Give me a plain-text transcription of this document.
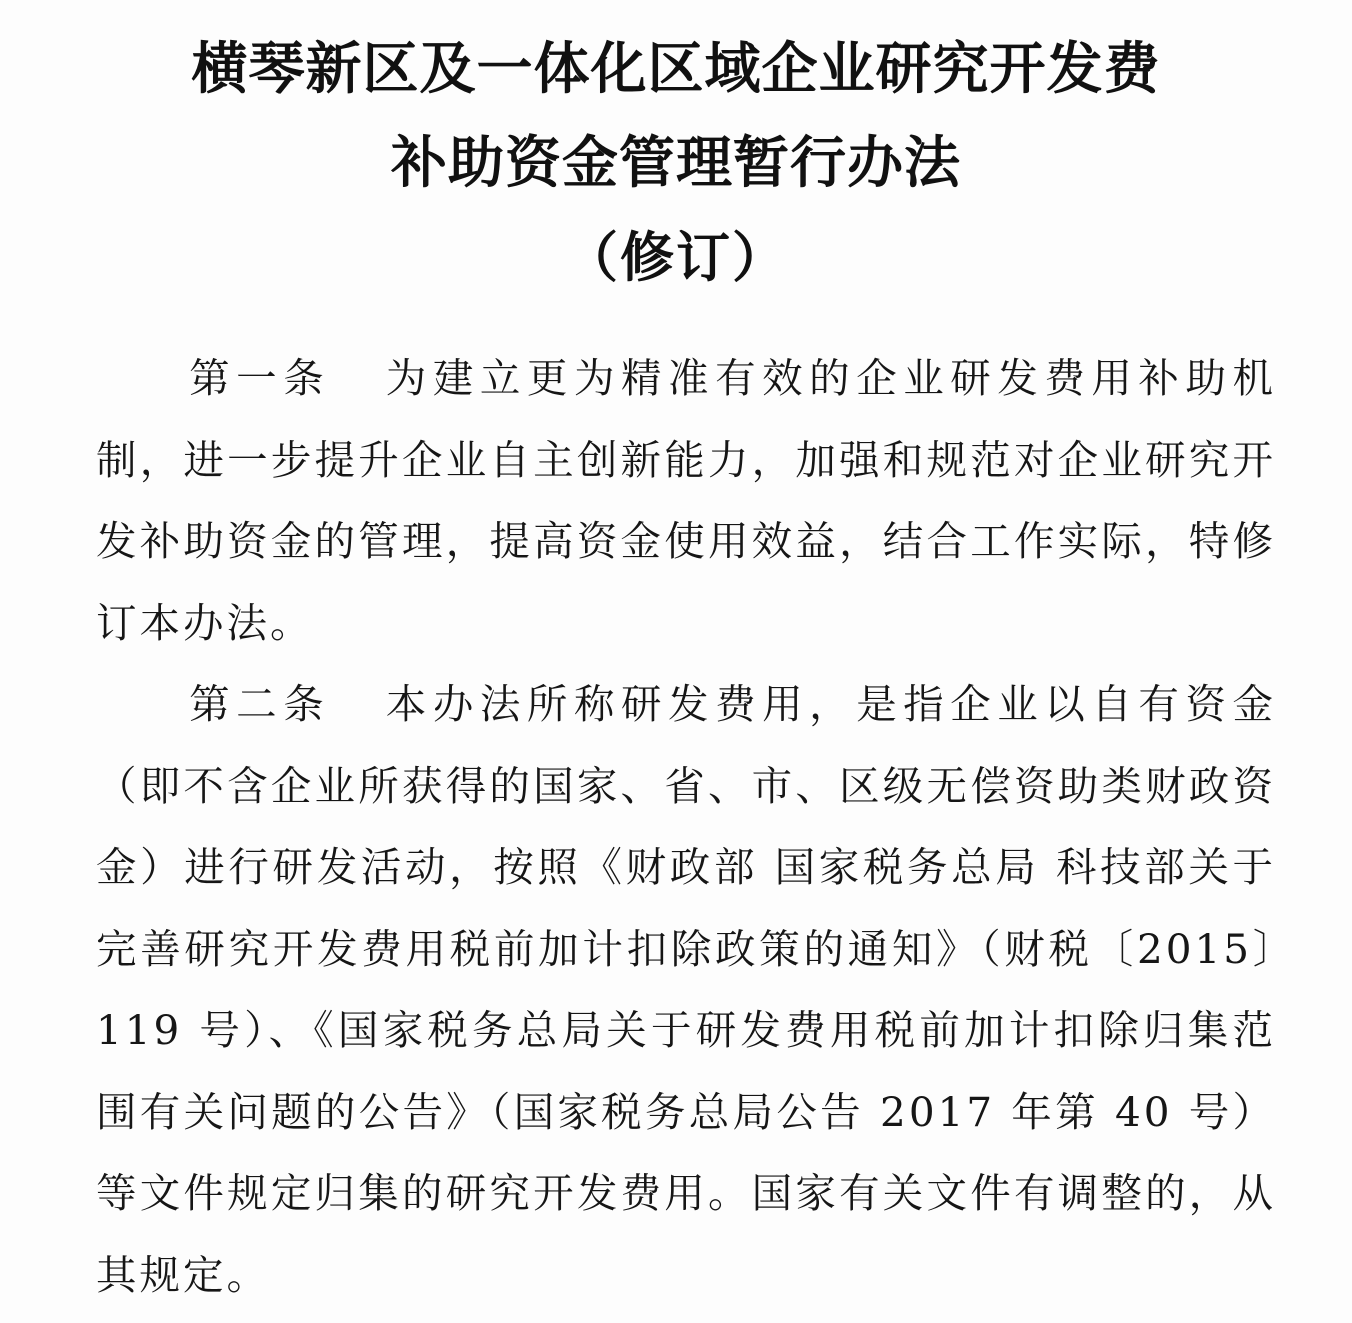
横琴新区及一体化区域企业研究开发费
补助资金管理暂行办法
（修订）

第一条 为建立更为精准有效的企业研发费用补助机制，进一步提升企业自主创新能力，加强和规范对企业研究开发补助资金的管理，提高资金使用效益，结合工作实际，特修订本办法。

第二条 本办法所称研发费用，是指企业以自有资金（即不含企业所获得的国家、省、市、区级无偿资助类财政资金）进行研发活动，按照《财政部 国家税务总局 科技部关于完善研究开发费用税前加计扣除政策的通知》（财税〔2015〕119 号）、《国家税务总局关于研发费用税前加计扣除归集范围有关问题的公告》（国家税务总局公告 2017 年第 40 号）等文件规定归集的研究开发费用。国家有关文件有调整的，从其规定。
